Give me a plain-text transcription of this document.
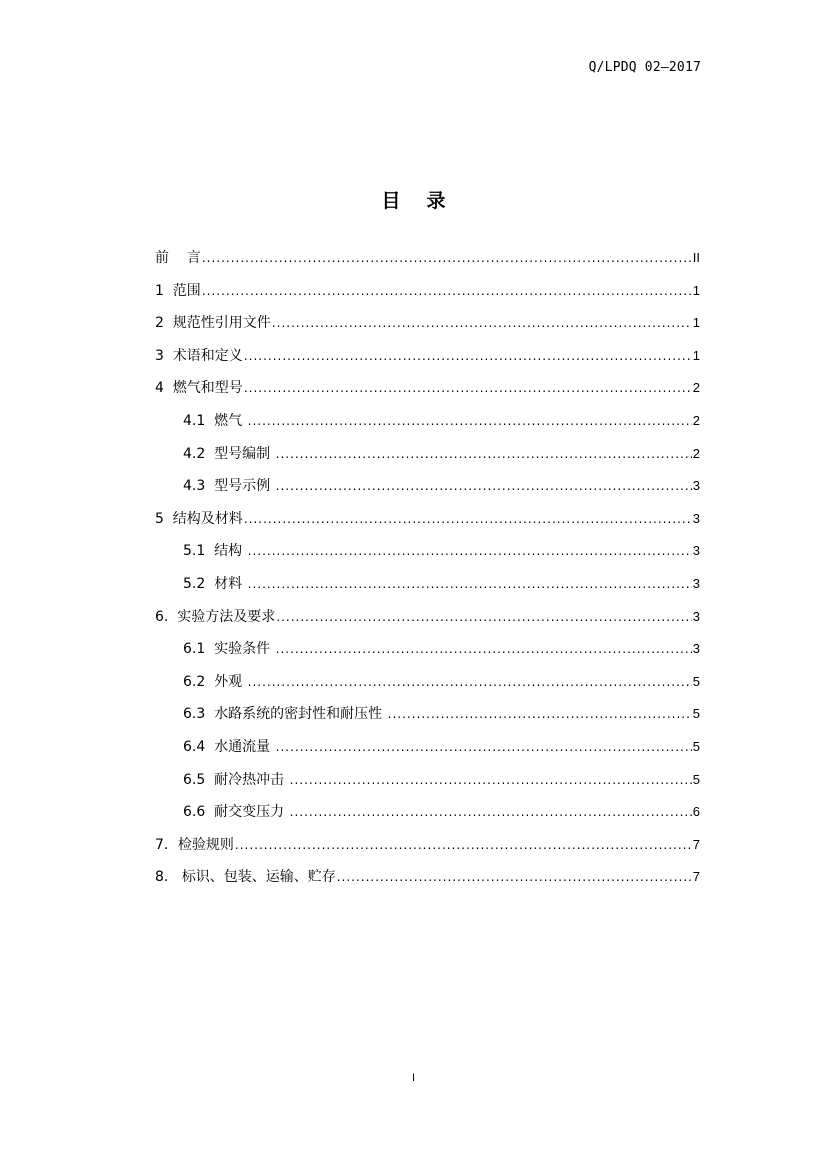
Q/LPDQ 02—2017
目录
前    言 .....	II
1  范围 .....	1
2  规范性引用文件 .....	1
3  术语和定义 .....	1
4  燃气和型号 .....	2
4.1  燃气 .....	2
4.2  型号编制 .....	2
4.3  型号示例 .....	3
5  结构及材料 .....	3
5.1  结构 .....	3
5.2  材料 .....	3
6.  实验方法及要求 .....	3
6.1  实验条件 .....	3
6.2  外观 .....	5
6.3  水路系统的密封性和耐压性 .....	5
6.4  水通流量 .....	5
6.5  耐冷热冲击 .....	5
6.6  耐交变压力 .....	6
7．检验规则 .....	7
8.   标识、包装、运输、贮存 .....	7
I
